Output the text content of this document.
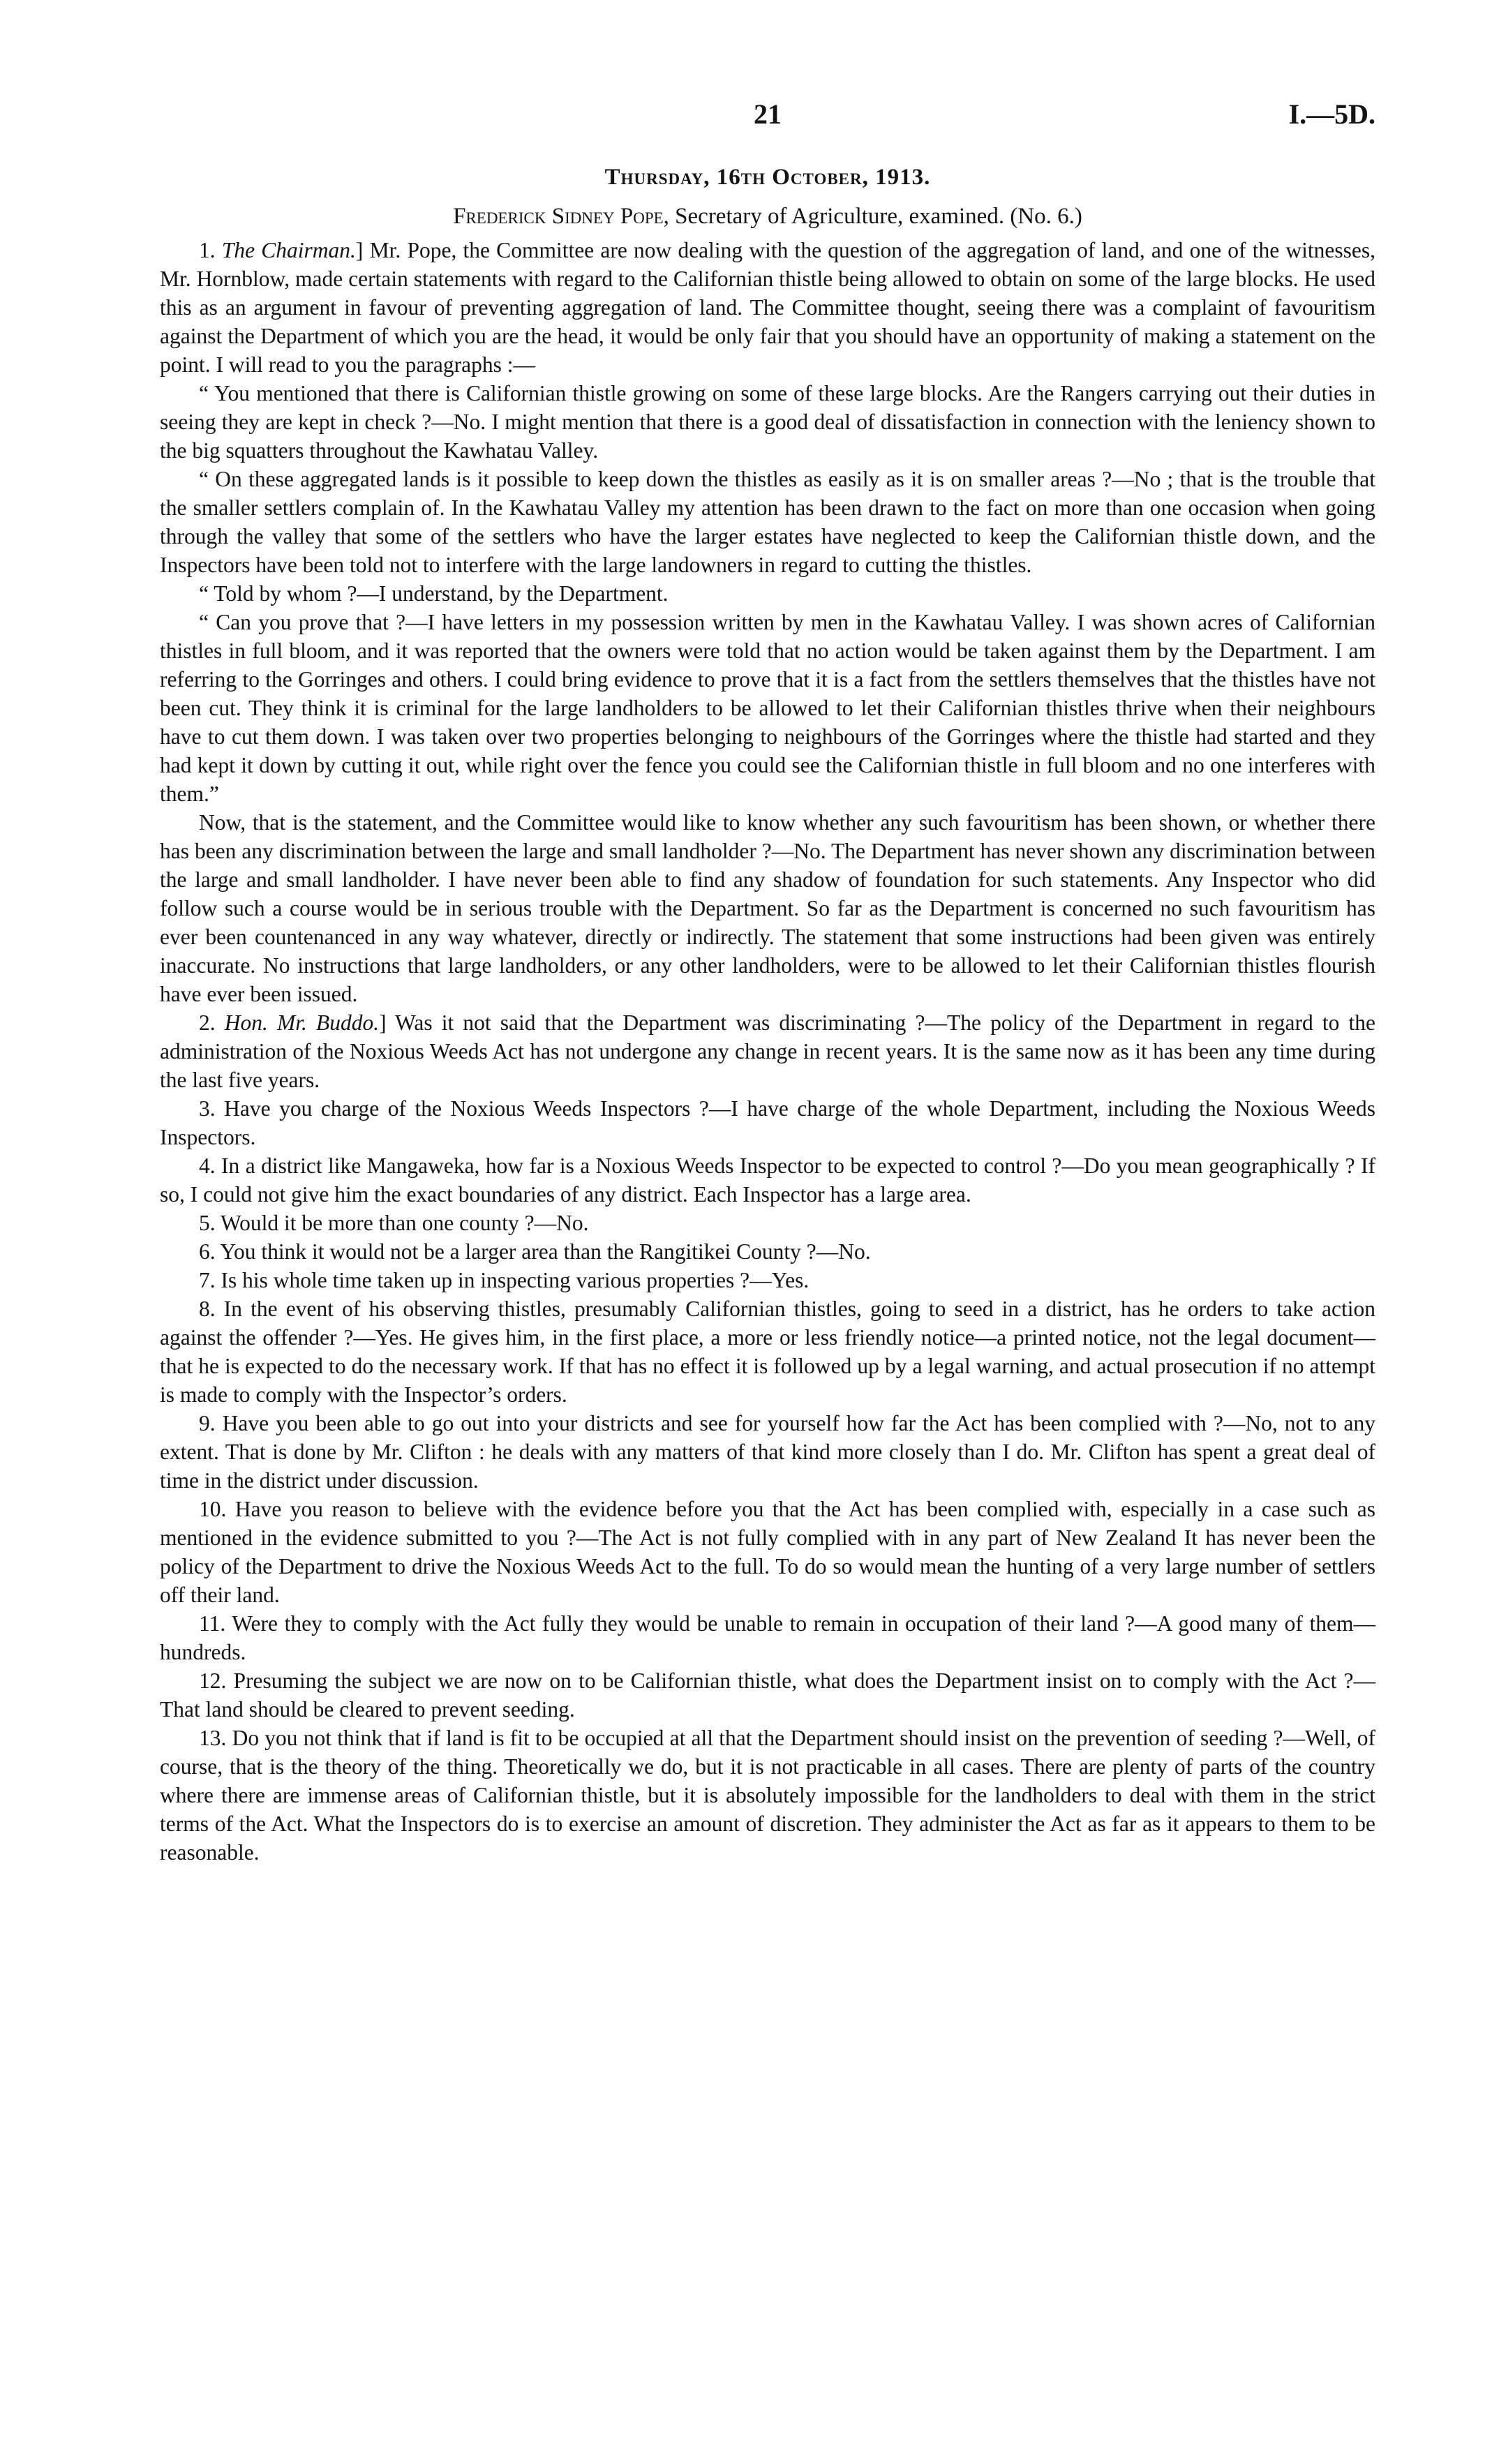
21	I.—5D.
Thursday, 16th October, 1913.
Frederick Sidney Pope, Secretary of Agriculture, examined. (No. 6.)

1. The Chairman.] Mr. Pope, the Committee are now dealing with the question of the aggregation of land, and one of the witnesses, Mr. Hornblow, made certain statements with regard to the Californian thistle being allowed to obtain on some of the large blocks. He used this as an argument in favour of preventing aggregation of land. The Committee thought, seeing there was a complaint of favouritism against the Department of which you are the head, it would be only fair that you should have an opportunity of making a statement on the point. I will read to you the paragraphs :—

“ You mentioned that there is Californian thistle growing on some of these large blocks. Are the Rangers carrying out their duties in seeing they are kept in check ?—No. I might mention that there is a good deal of dissatisfaction in connection with the leniency shown to the big squatters throughout the Kawhatau Valley.

“ On these aggregated lands is it possible to keep down the thistles as easily as it is on smaller areas ?—No ; that is the trouble that the smaller settlers complain of. In the Kawhatau Valley my attention has been drawn to the fact on more than one occasion when going through the valley that some of the settlers who have the larger estates have neglected to keep the Californian thistle down, and the Inspectors have been told not to interfere with the large landowners in regard to cutting the thistles.

“ Told by whom ?—I understand, by the Department.

“ Can you prove that ?—I have letters in my possession written by men in the Kawhatau Valley. I was shown acres of Californian thistles in full bloom, and it was reported that the owners were told that no action would be taken against them by the Department. I am referring to the Gorringes and others. I could bring evidence to prove that it is a fact from the settlers themselves that the thistles have not been cut. They think it is criminal for the large landholders to be allowed to let their Californian thistles thrive when their neighbours have to cut them down. I was taken over two properties belonging to neighbours of the Gorringes where the thistle had started and they had kept it down by cutting it out, while right over the fence you could see the Californian thistle in full bloom and no one interferes with them.”

Now, that is the statement, and the Committee would like to know whether any such favouritism has been shown, or whether there has been any discrimination between the large and small landholder ?—No. The Department has never shown any discrimination between the large and small landholder. I have never been able to find any shadow of foundation for such statements. Any Inspector who did follow such a course would be in serious trouble with the Department. So far as the Department is concerned no such favouritism has ever been countenanced in any way whatever, directly or indirectly. The statement that some instructions had been given was entirely inaccurate. No instructions that large landholders, or any other landholders, were to be allowed to let their Californian thistles flourish have ever been issued.

2. Hon. Mr. Buddo.] Was it not said that the Department was discriminating ?—The policy of the Department in regard to the administration of the Noxious Weeds Act has not undergone any change in recent years. It is the same now as it has been any time during the last five years.

3. Have you charge of the Noxious Weeds Inspectors ?—I have charge of the whole Department, including the Noxious Weeds Inspectors.

4. In a district like Mangaweka, how far is a Noxious Weeds Inspector to be expected to control ?—Do you mean geographically ? If so, I could not give him the exact boundaries of any district. Each Inspector has a large area.

5. Would it be more than one county ?—No.

6. You think it would not be a larger area than the Rangitikei County ?—No.

7. Is his whole time taken up in inspecting various properties ?—Yes.

8. In the event of his observing thistles, presumably Californian thistles, going to seed in a district, has he orders to take action against the offender ?—Yes. He gives him, in the first place, a more or less friendly notice—a printed notice, not the legal document—that he is expected to do the necessary work. If that has no effect it is followed up by a legal warning, and actual prosecution if no attempt is made to comply with the Inspector’s orders.

9. Have you been able to go out into your districts and see for yourself how far the Act has been complied with ?—No, not to any extent. That is done by Mr. Clifton : he deals with any matters of that kind more closely than I do. Mr. Clifton has spent a great deal of time in the district under discussion.

10. Have you reason to believe with the evidence before you that the Act has been complied with, especially in a case such as mentioned in the evidence submitted to you ?—The Act is not fully complied with in any part of New Zealand It has never been the policy of the Department to drive the Noxious Weeds Act to the full. To do so would mean the hunting of a very large number of settlers off their land.

11. Were they to comply with the Act fully they would be unable to remain in occupation of their land ?—A good many of them—hundreds.

12. Presuming the subject we are now on to be Californian thistle, what does the Department insist on to comply with the Act ?—That land should be cleared to prevent seeding.

13. Do you not think that if land is fit to be occupied at all that the Department should insist on the prevention of seeding ?—Well, of course, that is the theory of the thing. Theoretically we do, but it is not practicable in all cases. There are plenty of parts of the country where there are immense areas of Californian thistle, but it is absolutely impossible for the landholders to deal with them in the strict terms of the Act. What the Inspectors do is to exercise an amount of discretion. They administer the Act as far as it appears to them to be reasonable.
